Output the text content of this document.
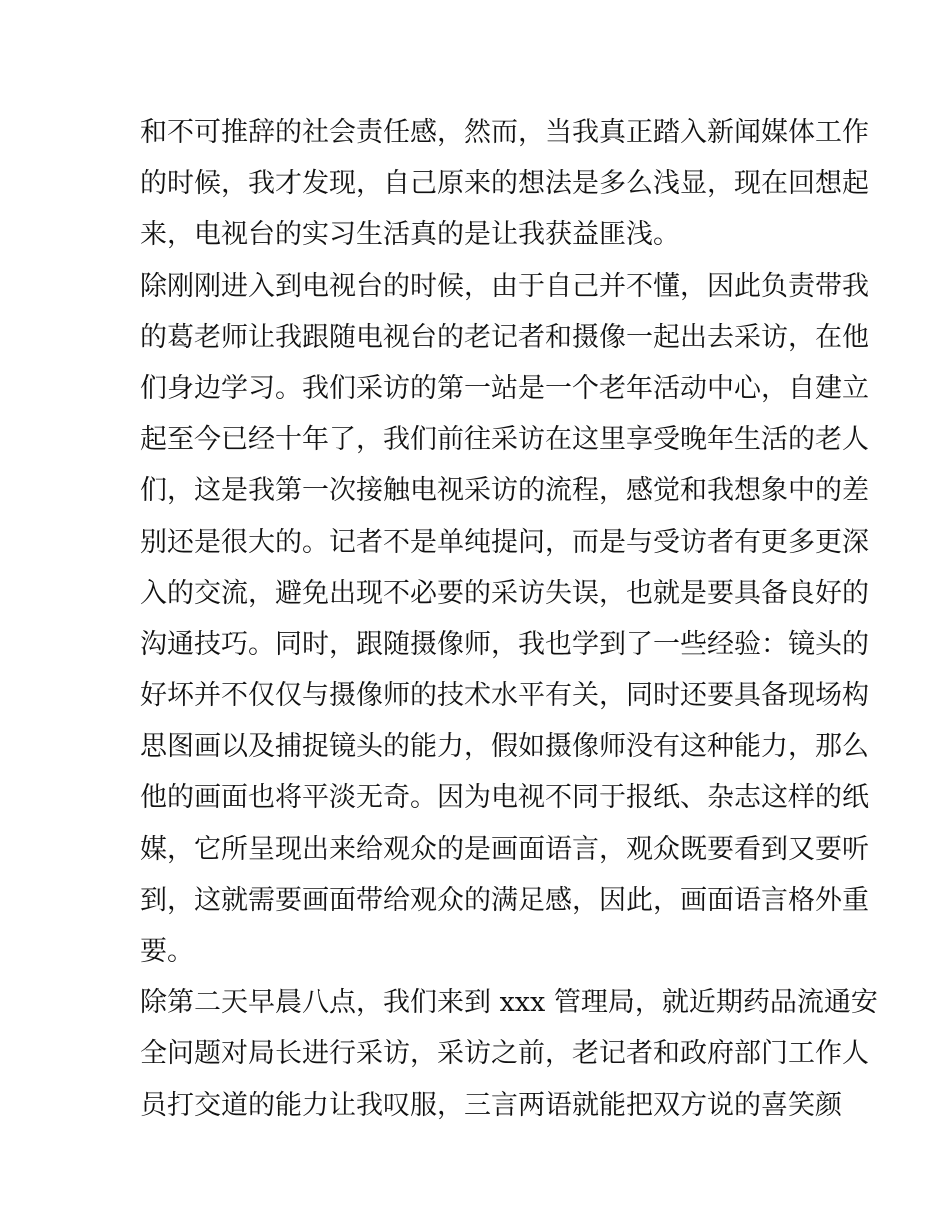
和不可推辞的社会责任感，然而，当我真正踏入新闻媒体工作
的时候，我才发现，自己原来的想法是多么浅显，现在回想起
来，电视台的实习生活真的是让我获益匪浅。
除刚刚进入到电视台的时候，由于自己并不懂，因此负责带我
的葛老师让我跟随电视台的老记者和摄像一起出去采访，在他
们身边学习。我们采访的第一站是一个老年活动中心，自建立
起至今已经十年了，我们前往采访在这里享受晚年生活的老人
们，这是我第一次接触电视采访的流程，感觉和我想象中的差
别还是很大的。记者不是单纯提问，而是与受访者有更多更深
入的交流，避免出现不必要的采访失误，也就是要具备良好的
沟通技巧。同时，跟随摄像师，我也学到了一些经验：镜头的
好坏并不仅仅与摄像师的技术水平有关，同时还要具备现场构
思图画以及捕捉镜头的能力，假如摄像师没有这种能力，那么
他的画面也将平淡无奇。因为电视不同于报纸、杂志这样的纸
媒，它所呈现出来给观众的是画面语言，观众既要看到又要听
到，这就需要画面带给观众的满足感，因此，画面语言格外重
要。
除第二天早晨八点，我们来到 xxx 管理局，就近期药品流通安
全问题对局长进行采访，采访之前，老记者和政府部门工作人
员打交道的能力让我叹服，三言两语就能把双方说的喜笑颜
